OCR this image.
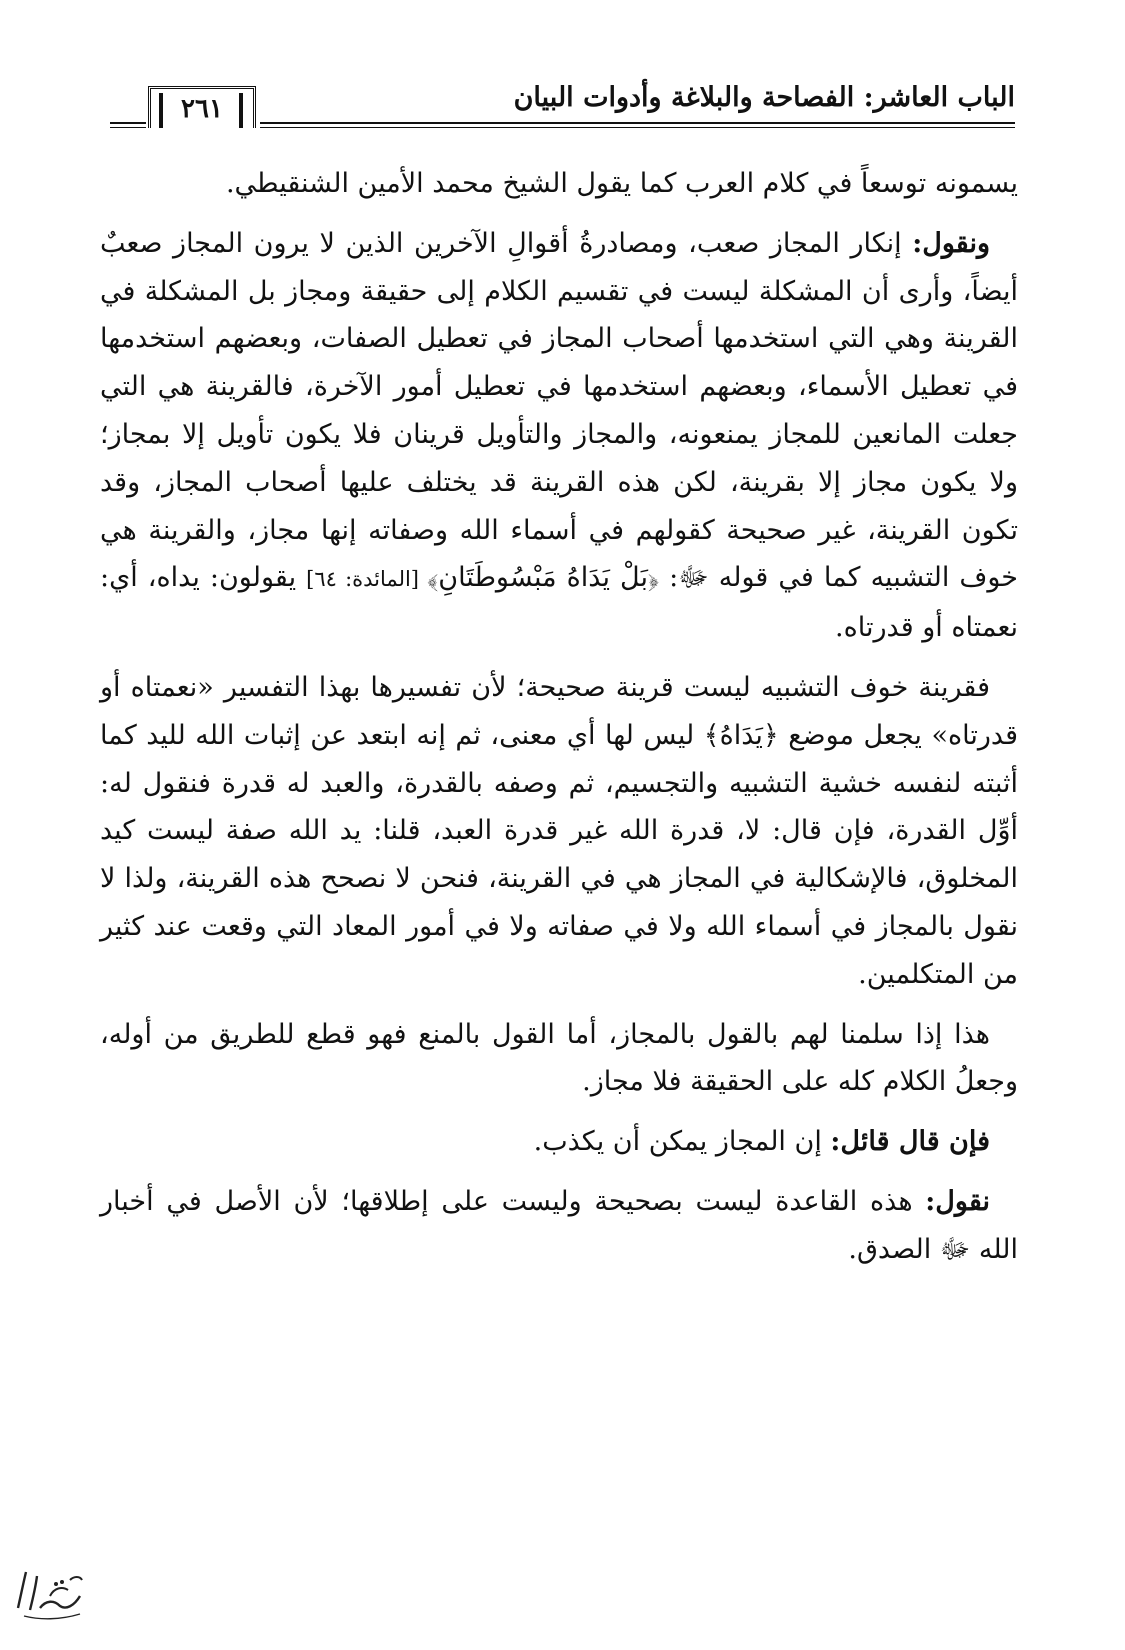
الباب العاشر: الفصاحة والبلاغة وأدوات البيان
٢٦١

يسمونه توسعاً في كلام العرب كما يقول الشيخ محمد الأمين الشنقيطي.

ونقول: إنكار المجاز صعب، ومصادرةُ أقوالِ الآخرين الذين لا يرون المجاز صعبٌ أيضاً، وأرى أن المشكلة ليست في تقسيم الكلام إلى حقيقة ومجاز بل المشكلة في القرينة وهي التي استخدمها أصحاب المجاز في تعطيل الصفات، وبعضهم استخدمها في تعطيل الأسماء، وبعضهم استخدمها في تعطيل أمور الآخرة، فالقرينة هي التي جعلت المانعين للمجاز يمنعونه، والمجاز والتأويل قرينان فلا يكون تأويل إلا بمجاز؛ ولا يكون مجاز إلا بقرينة، لكن هذه القرينة قد يختلف عليها أصحاب المجاز، وقد تكون القرينة، غير صحيحة كقولهم في أسماء الله وصفاته إنها مجاز، والقرينة هي خوف التشبيه كما في قوله ﷻ: ﴿بَلْ يَدَاهُ مَبْسُوطَتَانِ﴾ [المائدة: ٦٤] يقولون: يداه، أي: نعمتاه أو قدرتاه.

فقرينة خوف التشبيه ليست قرينة صحيحة؛ لأن تفسيرها بهذا التفسير «نعمتاه أو قدرتاه» يجعل موضع ﴿يَدَاهُ﴾ ليس لها أي معنى، ثم إنه ابتعد عن إثبات الله لليد كما أثبته لنفسه خشية التشبيه والتجسيم، ثم وصفه بالقدرة، والعبد له قدرة فنقول له: أوِّل القدرة، فإن قال: لا، قدرة الله غير قدرة العبد، قلنا: يد الله صفة ليست كيد المخلوق، فالإشكالية في المجاز هي في القرينة، فنحن لا نصحح هذه القرينة، ولذا لا نقول بالمجاز في أسماء الله ولا في صفاته ولا في أمور المعاد التي وقعت عند كثير من المتكلمين.

هذا إذا سلمنا لهم بالقول بالمجاز، أما القول بالمنع فهو قطع للطريق من أوله، وجعلُ الكلام كله على الحقيقة فلا مجاز.

فإن قال قائل: إن المجاز يمكن أن يكذب.

نقول: هذه القاعدة ليست بصحيحة وليست على إطلاقها؛ لأن الأصل في أخبار الله ﷻ الصدق.
